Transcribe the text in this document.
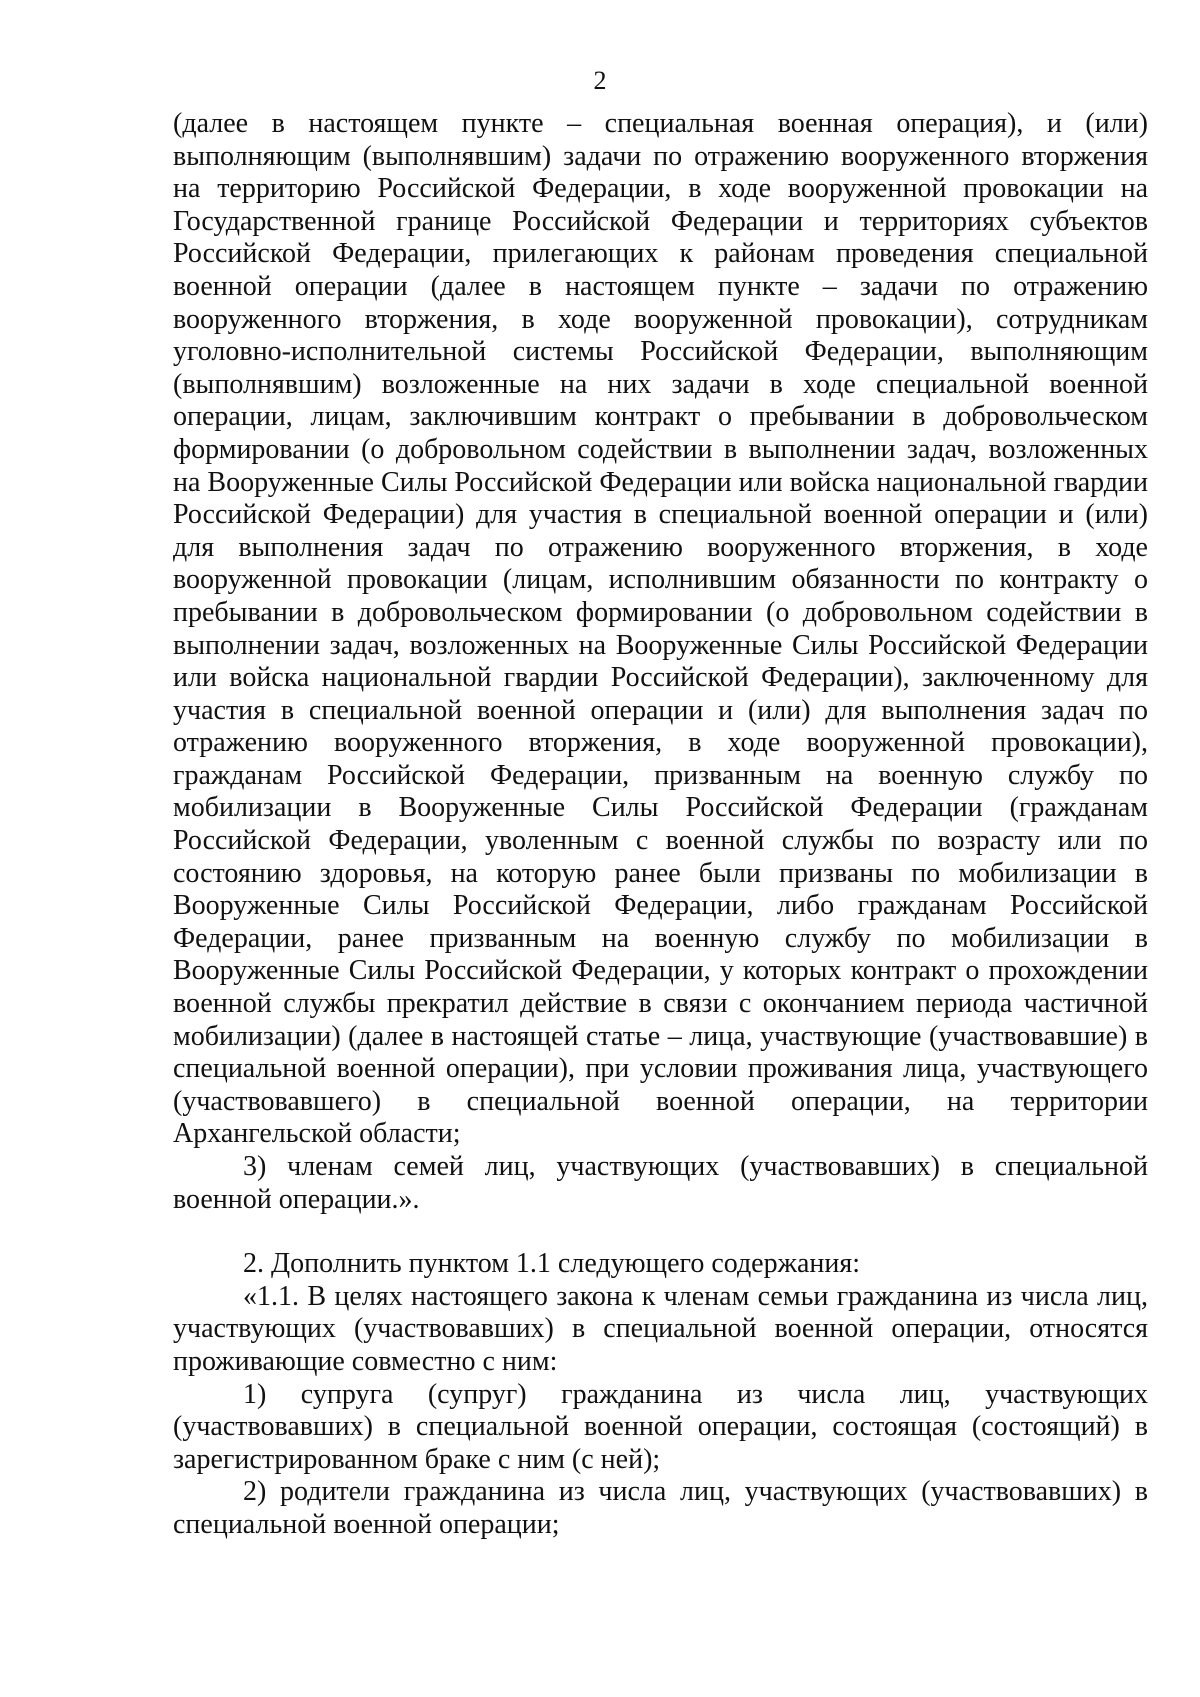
2

(далее в настоящем пункте – специальная военная операция), и (или) выполняющим (выполнявшим) задачи по отражению вооруженного вторжения на территорию Российской Федерации, в ходе вооруженной провокации на Государственной границе Российской Федерации и территориях субъектов Российской Федерации, прилегающих к районам проведения специальной военной операции (далее в настоящем пункте – задачи по отражению вооруженного вторжения, в ходе вооруженной провокации), сотрудникам уголовно-исполнительной системы Российской Федерации, выполняющим (выполнявшим) возложенные на них задачи в ходе специальной военной операции, лицам, заключившим контракт о пребывании в добровольческом формировании (о добровольном содействии в выполнении задач, возложенных на Вооруженные Силы Российской Федерации или войска национальной гвардии Российской Федерации) для участия в специальной военной операции и (или) для выполнения задач по отражению вооруженного вторжения, в ходе вооруженной провокации (лицам, исполнившим обязанности по контракту о пребывании в добровольческом формировании (о добровольном содействии в выполнении задач, возложенных на Вооруженные Силы Российской Федерации или войска национальной гвардии Российской Федерации), заключенному для участия в специальной военной операции и (или) для выполнения задач по отражению вооруженного вторжения, в ходе вооруженной провокации), гражданам Российской Федерации, призванным на военную службу по мобилизации в Вооруженные Силы Российской Федерации (гражданам Российской Федерации, уволенным с военной службы по возрасту или по состоянию здоровья, на которую ранее были призваны по мобилизации в Вооруженные Силы Российской Федерации, либо гражданам Российской Федерации, ранее призванным на военную службу по мобилизации в Вооруженные Силы Российской Федерации, у которых контракт о прохождении военной службы прекратил действие в связи с окончанием периода частичной мобилизации) (далее в настоящей статье – лица, участвующие (участвовавшие) в специальной военной операции), при условии проживания лица, участвующего (участвовавшего) в специальной военной операции, на территории Архангельской области;

3) членам семей лиц, участвующих (участвовавших) в специальной военной операции.».

2. Дополнить пунктом 1.1 следующего содержания:

«1.1. В целях настоящего закона к членам семьи гражданина из числа лиц, участвующих (участвовавших) в специальной военной операции, относятся проживающие совместно с ним:

1) супруга (супруг) гражданина из числа лиц, участвующих (участвовавших) в специальной военной операции, состоящая (состоящий) в зарегистрированном браке с ним (с ней);

2) родители гражданина из числа лиц, участвующих (участвовавших) в специальной военной операции;
